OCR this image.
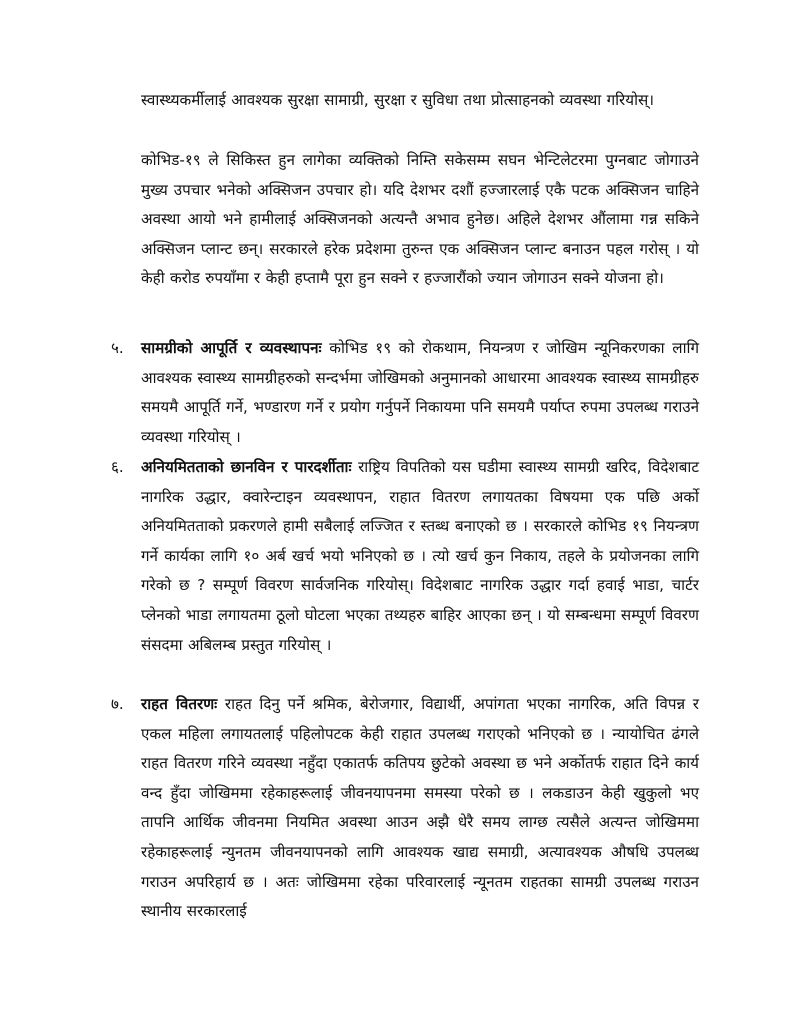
स्वास्थ्यकर्मीलाई आवश्यक सुरक्षा सामाग्री, सुरक्षा र सुविधा तथा प्रोत्साहनको व्यवस्था गरियोस्।

कोभिड-१९ ले सिकिस्त हुन लागेका व्यक्तिको निम्ति सकेसम्म सघन भेन्टिलेटरमा पुग्नबाट जोगाउने मुख्य उपचार भनेको अक्सिजन उपचार हो। यदि देशभर दशौं हज्जारलाई एकै पटक अक्सिजन चाहिने अवस्था आयो भने हामीलाई अक्सिजनको अत्यन्तै अभाव हुनेछ। अहिले देशभर औंलामा गन्न सकिने अक्सिजन प्लान्ट छन्। सरकारले हरेक प्रदेशमा तुरुन्त एक अक्सिजन प्लान्ट बनाउन पहल गरोस् । यो केही करोड रुपयाँमा र केही हप्तामै पूरा हुन सक्ने र हज्जारौंको ज्यान जोगाउन सक्ने योजना हो।

५.	सामग्रीको आपूर्ति र व्यवस्थापनः कोभिड १९ को रोकथाम, नियन्त्रण र जोखिम न्यूनिकरणका लागि आवश्यक स्वास्थ्य सामग्रीहरुको सन्दर्भमा जोखिमको अनुमानको आधारमा आवश्यक स्वास्थ्य सामग्रीहरु समयमै आपूर्ति गर्ने, भण्डारण गर्ने र प्रयोग गर्नुपर्ने निकायमा पनि समयमै पर्याप्त रुपमा उपलब्ध गराउने व्यवस्था गरियोस् ।
६.	अनियमितताको छानविन र पारदर्शीताः राष्ट्रिय विपतिको यस घडीमा स्वास्थ्य सामग्री खरिद, विदेशबाट नागरिक उद्धार, क्वारेन्टाइन व्यवस्थापन, राहात वितरण लगायतका विषयमा एक पछि अर्को अनियमितताको प्रकरणले हामी सबैलाई लज्जित र स्तब्ध बनाएको छ । सरकारले कोभिड १९ नियन्त्रण गर्ने कार्यका लागि १० अर्ब खर्च भयो भनिएको छ । त्यो खर्च कुन निकाय, तहले के प्रयोजनका लागि गरेको छ ? सम्पूर्ण विवरण सार्वजनिक गरियोस्। विदेशबाट नागरिक उद्धार गर्दा हवाई भाडा, चार्टर प्लेनको भाडा लगायतमा ठूलो घोटला भएका तथ्यहरु बाहिर आएका छन् । यो सम्बन्धमा सम्पूर्ण विवरण संसदमा अबिलम्ब प्रस्तुत गरियोस् ।
७.	राहत वितरणः राहत दिनु पर्ने श्रमिक, बेरोजगार, विद्यार्थी, अपांगता भएका नागरिक, अति विपन्न र एकल महिला लगायतलाई पहिलोपटक केही राहात उपलब्ध गराएको भनिएको छ । न्यायोचित ढंगले राहत वितरण गरिने व्यवस्था नहुँदा एकातर्फ कतिपय छुटेको अवस्था छ भने अर्कोतर्फ राहात दिने कार्य वन्द हुँदा जोखिममा रहेकाहरूलाई जीवनयापनमा समस्या परेको छ । लकडाउन केही खुकुलो भए तापनि आर्थिक जीवनमा नियमित अवस्था आउन अझै धेरै समय लाग्छ त्यसैले अत्यन्त जोखिममा रहेकाहरूलाई न्युनतम जीवनयापनको लागि आवश्यक खाद्य समाग्री, अत्यावश्यक औषधि उपलब्ध गराउन अपरिहार्य छ । अतः जोखिममा रहेका परिवारलाई न्यूनतम राहतका सामग्री उपलब्ध गराउन स्थानीय सरकारलाई
